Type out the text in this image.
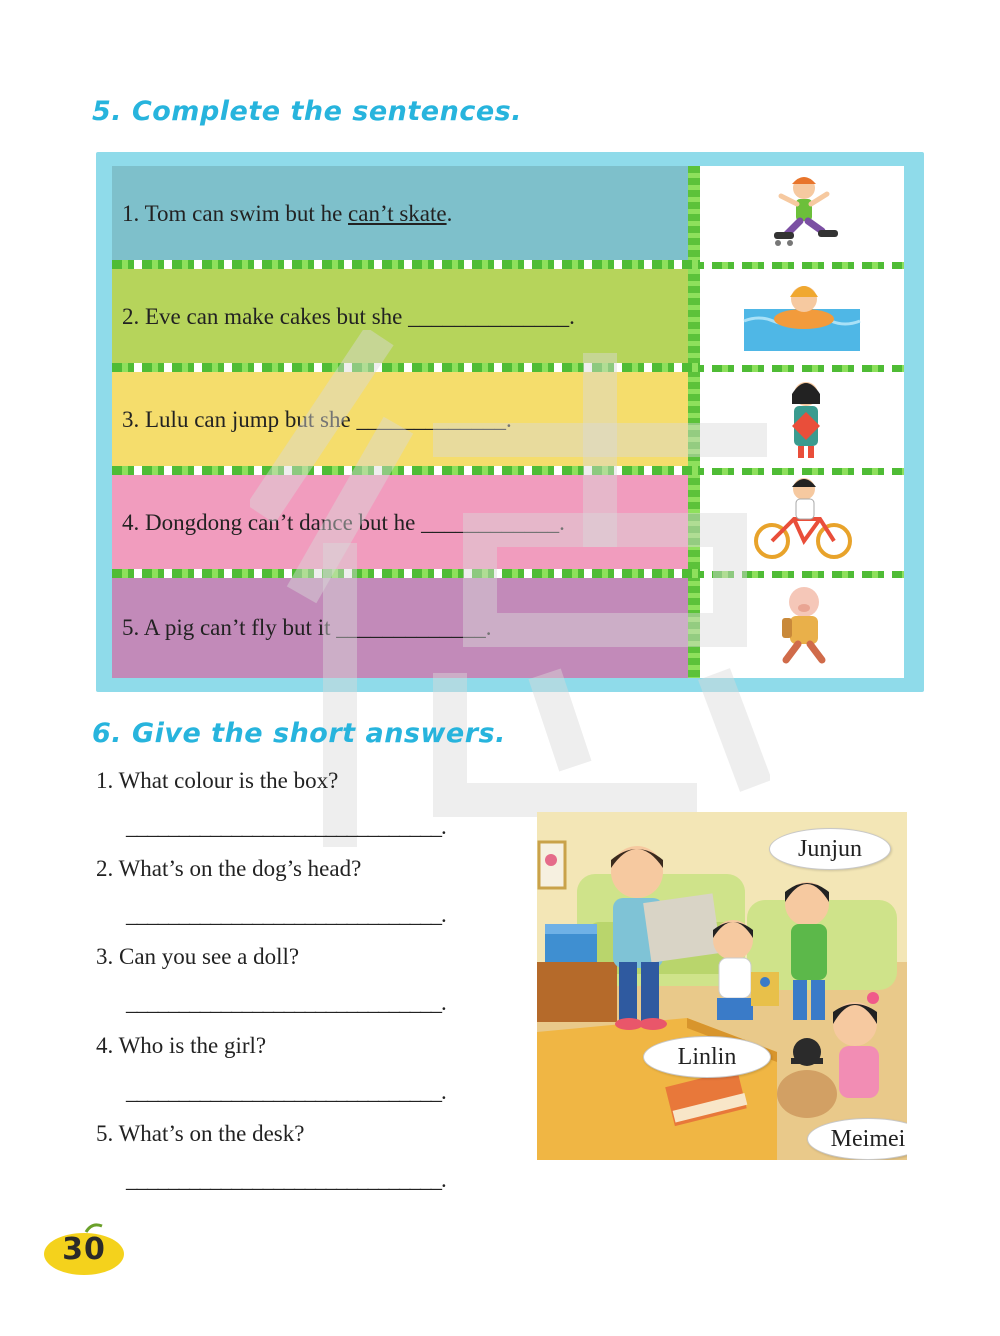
5. Complete the sentences.
1. Tom can swim but he can’t skate .
2. Eve can make cakes but she ______________ .
3. Lulu can jump but she _____________ .
4. Dongdong can’t dance but he ____________ .
5. A pig can’t fly but it _____________ .
6. Give the short answers.
1. What colour is the box?
______________________________.
2. What’s on the dog’s head?
______________________________.
3. Can you see a doll?
______________________________.
4. Who is the girl?
______________________________.
5. What’s on the desk?
______________________________.
Junjun
Linlin
Meimei
30
